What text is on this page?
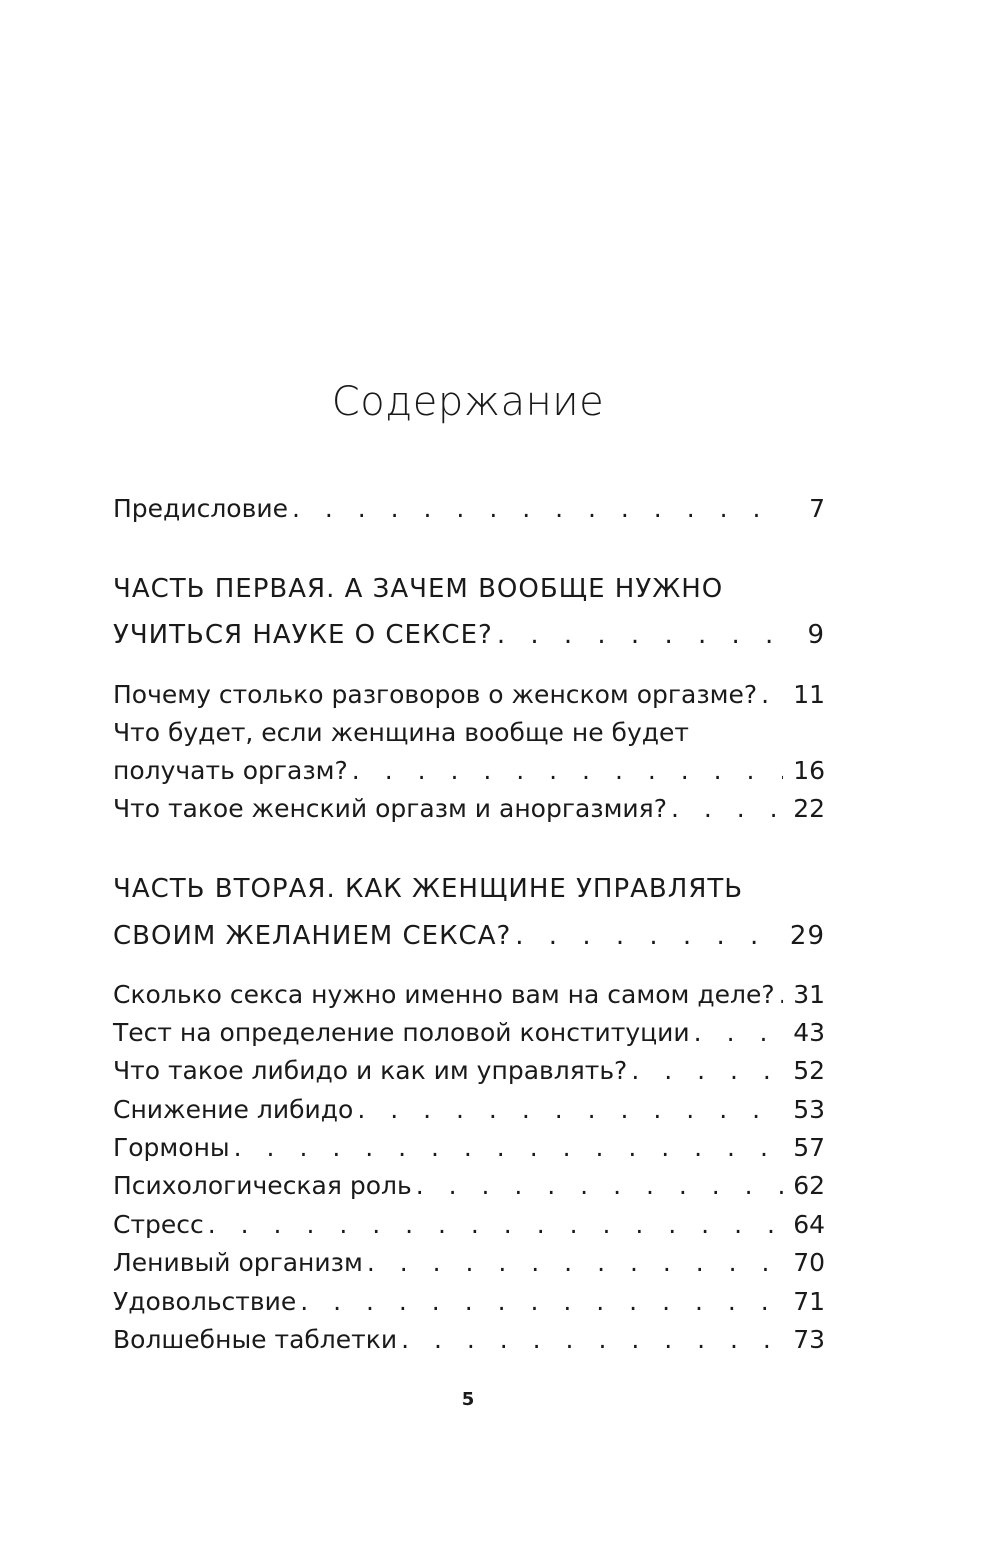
Содержание
Предисловие . . .	7
ЧАСТЬ ПЕРВАЯ. А ЗАЧЕМ ВООБЩЕ НУЖНО
УЧИТЬСЯ НАУКЕ О СЕКСЕ? . . .	9
Почему столько разговоров о женском оргазме? . . . 11
Что будет, если женщина вообще не будет
получать оргазм? . . .	16
Что такое женский оргазм и аноргазмия? . . .	22
ЧАСТЬ ВТОРАЯ. КАК ЖЕНЩИНЕ УПРАВЛЯТЬ
СВОИМ ЖЕЛАНИЕМ СЕКСА? . . .	29
Сколько секса нужно именно вам на самом деле? . . . 31
Тест на определение половой конституции . . .	43
Что такое либидо и как им управлять? . . .	52
Снижение либидо . . .	53
Гормоны . . .	57
Психологическая роль . . .	62
Стресс . . .	64
Ленивый организм . . .	70
Удовольствие . . .	71
Волшебные таблетки . . .	73
5
